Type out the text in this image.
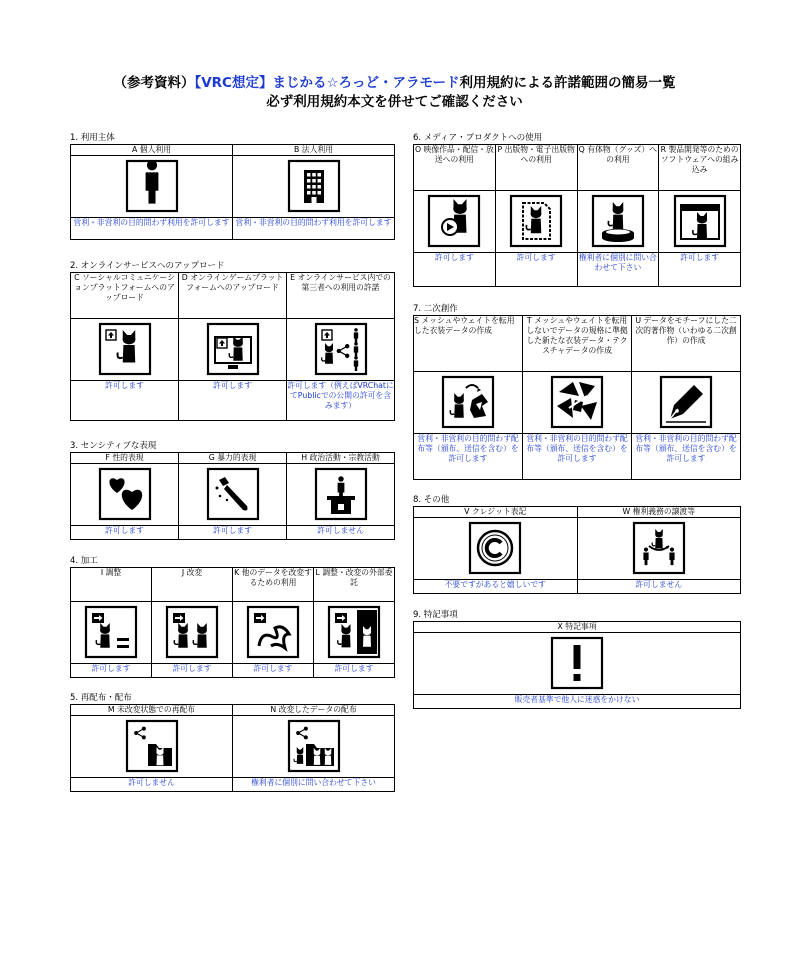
（参考資料）【VRC想定】まじかる☆ろっど・アラモード利用規約による許諾範囲の簡易一覧
必ず利用規約本文を併せてご確認ください
1. 利用主体
A 個人利用	B 法人利用

営利・非営利の目的問わず利用を許可します	営利・非営利の目的問わず利用を許可します
2. オンラインサービスへのアップロード
C ソーシャルコミュニケーションプラットフォームへのアップロード	D オンラインゲームプラットフォームへのアップロード	E オンラインサービス内での第三者への利用の許諾

許可します	許可します	許可します（例えばVRChatにてPublicでの公開の許可を含みます）
3. センシティブな表現
F 性的表現	G 暴力的表現	H 政治活動・宗教活動

許可します	許可します	許可しません
4. 加工
I 調整	J 改変	K 他のデータを改変するための利用	L 調整・改変の外部委託

許可します	許可します	許可します	許可します
5. 再配布・配布
M 未改変状態での再配布	N 改変したデータの配布

許可しません	権利者に個別に問い合わせて下さい
6. メディア・プロダクトへの使用
O 映像作品・配信・放送への利用	P 出版物・電子出版物への利用	Q 有体物（グッズ）への利用	R 製品開発等のためのソフトウェアへの組み込み

許可します	許可します	権利者に個別に問い合わせて下さい	許可します
7. 二次創作
S メッシュやウェイトを転用した衣装データの作成	T メッシュやウェイトを転用しないでデータの規格に準拠した新たな衣装データ・テクスチャデータの作成	U データをモチーフにした二次的著作物（いわゆる二次創作）の作成

営利・非営利の目的問わず配布等（頒布、送信を含む）を許可します	営利・非営利の目的問わず配布等（頒布、送信を含む）を許可します	営利・非営利の目的問わず配布等（頒布、送信を含む）を許可します
8. その他
V クレジット表記	W 権利義務の譲渡等

不要ですがあると嬉しいです	許可しません
9. 特記事項
X 特記事項

販売者基準で他人に迷惑をかけない
